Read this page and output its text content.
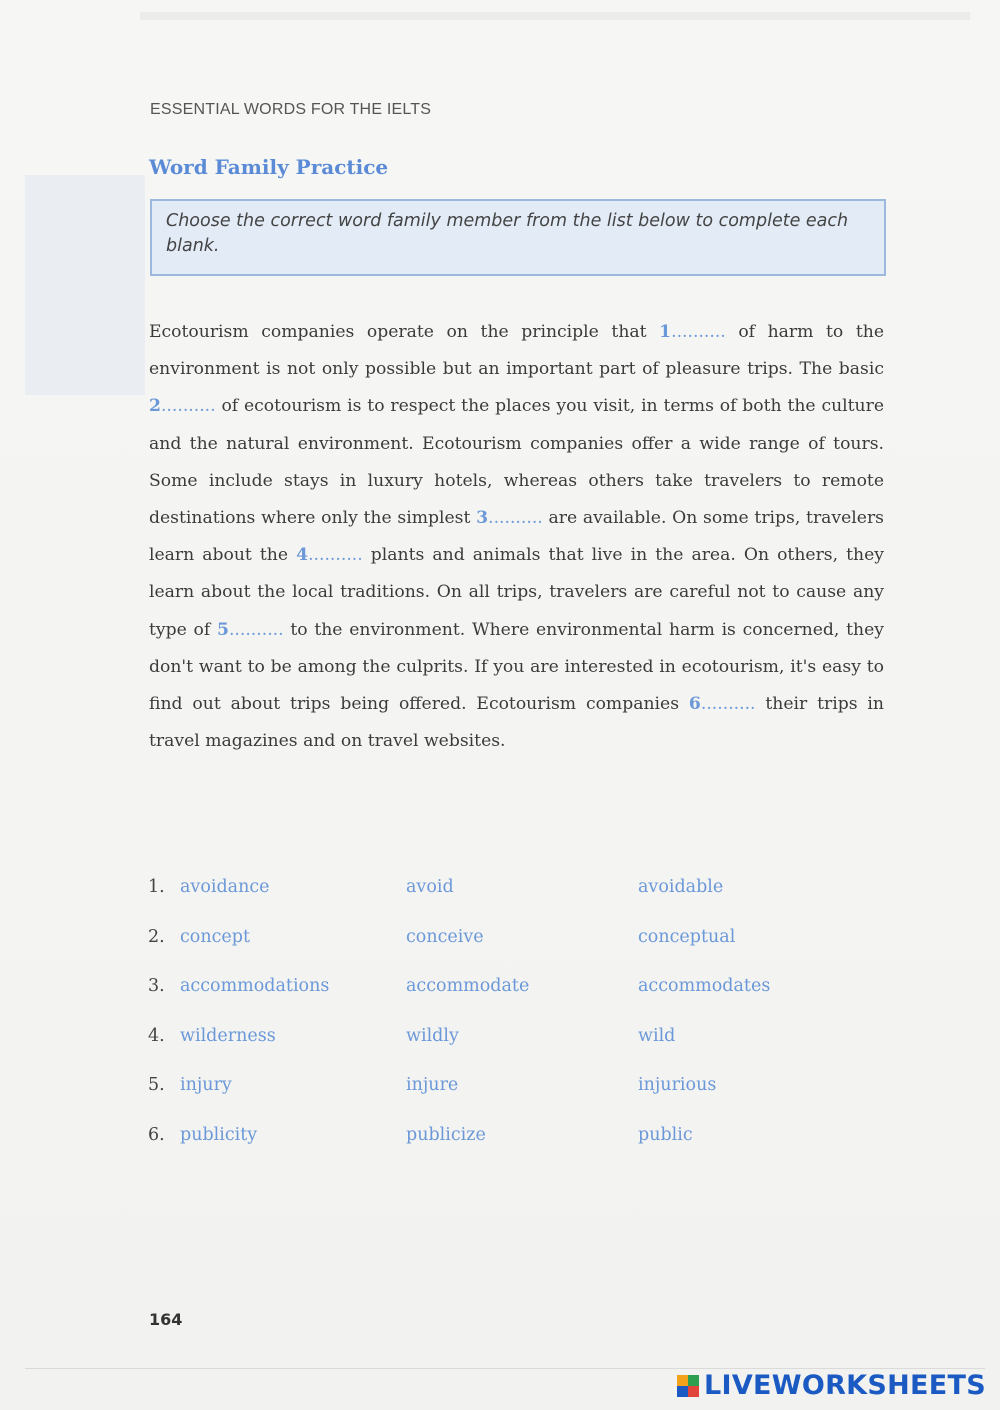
ESSENTIAL WORDS FOR THE IELTS
Word Family Practice
Choose the correct word family member from the list below to complete each blank.
Ecotourism companies operate on the principle that 1.......... of harm to the environment is not only possible but an important part of pleasure trips. The basic 2.......... of ecotourism is to respect the places you visit, in terms of both the culture and the natural environment. Ecotourism companies offer a wide range of tours. Some include stays in luxury hotels, whereas others take travelers to remote destinations where only the simplest 3.......... are available. On some trips, travelers learn about the 4.......... plants and animals that live in the area. On others, they learn about the local traditions. On all trips, travelers are careful not to cause any type of 5.......... to the environment. Where environmental harm is concerned, they don't want to be among the culprits. If you are interested in ecotourism, it's easy to find out about trips being offered. Ecotourism companies 6.......... their trips in travel magazines and on travel websites.
1. avoidance	avoid	avoidable
2. concept	conceive	conceptual
3. accommodations	accommodate	accommodates
4. wilderness	wildly	wild
5. injury	injure	injurious
6. publicity	publicize	public
164
LIVEWORKSHEETS
